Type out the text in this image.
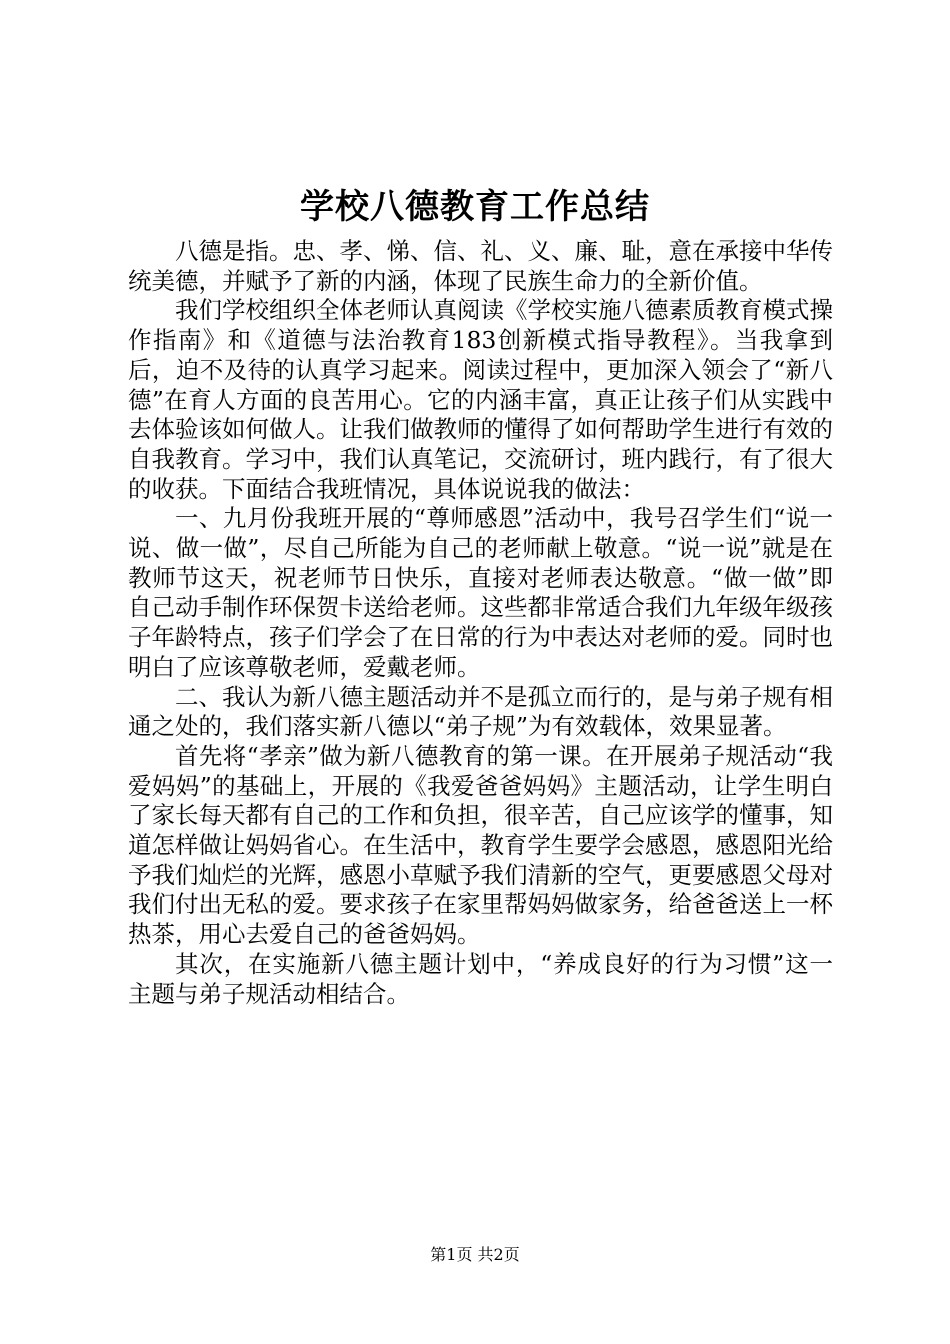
学校八德教育工作总结

八德是指。忠、孝、悌、信、礼、义、廉、耻，意在承接中华传统美德，并赋予了新的内涵，体现了民族生命力的全新价值。

我们学校组织全体老师认真阅读《学校实施八德素质教育模式操作指南》和《道德与法治教育183创新模式指导教程》。当我拿到后，迫不及待的认真学习起来。阅读过程中，更加深入领会了“新八德”在育人方面的良苦用心。它的内涵丰富，真正让孩子们从实践中去体验该如何做人。让我们做教师的懂得了如何帮助学生进行有效的自我教育。学习中，我们认真笔记，交流研讨，班内践行，有了很大的收获。下面结合我班情况，具体说说我的做法：

一、九月份我班开展的“尊师感恩”活动中，我号召学生们“说一说、做一做”，尽自己所能为自己的老师献上敬意。“说一说”就是在教师节这天，祝老师节日快乐，直接对老师表达敬意。“做一做”即自己动手制作环保贺卡送给老师。这些都非常适合我们九年级年级孩子年龄特点，孩子们学会了在日常的行为中表达对老师的爱。同时也明白了应该尊敬老师，爱戴老师。

二、我认为新八德主题活动并不是孤立而行的，是与弟子规有相通之处的，我们落实新八德以“弟子规”为有效载体，效果显著。

首先将“孝亲”做为新八德教育的第一课。在开展弟子规活动“我爱妈妈”的基础上，开展的《我爱爸爸妈妈》主题活动，让学生明白了家长每天都有自己的工作和负担，很辛苦，自己应该学的懂事，知道怎样做让妈妈省心。在生活中，教育学生要学会感恩，感恩阳光给予我们灿烂的光辉，感恩小草赋予我们清新的空气，更要感恩父母对我们付出无私的爱。要求孩子在家里帮妈妈做家务，给爸爸送上一杯热茶，用心去爱自己的爸爸妈妈。

其次，在实施新八德主题计划中，“养成良好的行为习惯”这一主题与弟子规活动相结合。

第1页 共2页
